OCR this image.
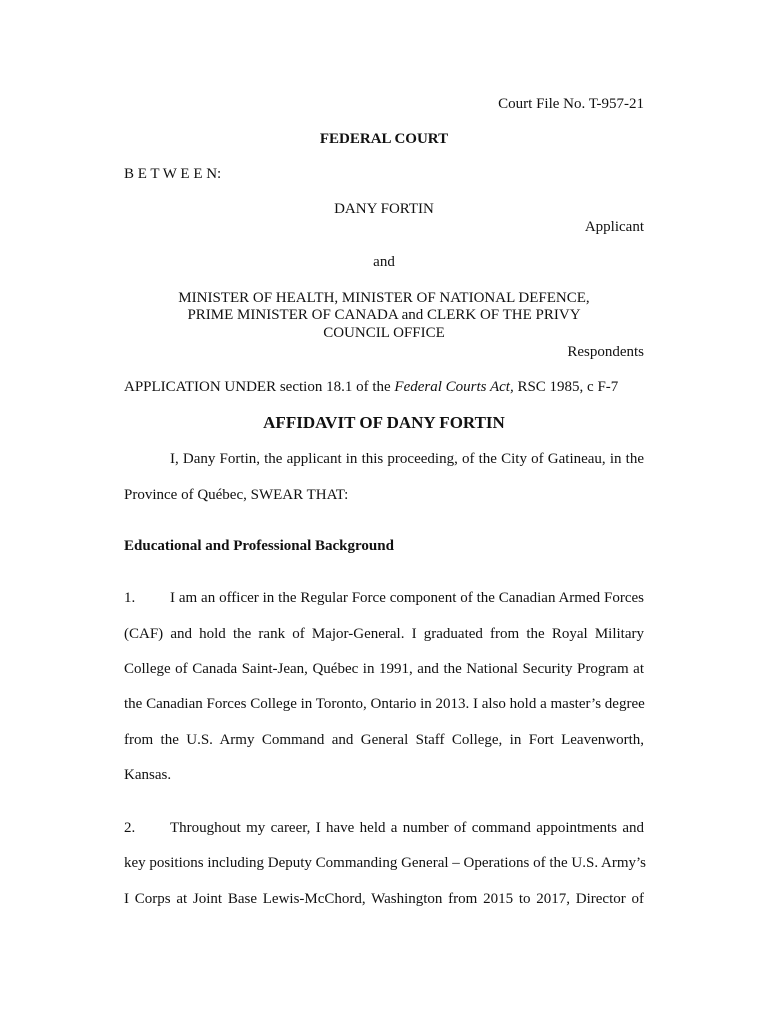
Court File No. T-957-21
FEDERAL COURT
B E T W E E N:
DANY FORTIN
Applicant
and
MINISTER OF HEALTH, MINISTER OF NATIONAL DEFENCE,
PRIME MINISTER OF CANADA and CLERK OF THE PRIVY
COUNCIL OFFICE
Respondents
APPLICATION UNDER section 18.1 of the Federal Courts Act, RSC 1985, c F-7
AFFIDAVIT OF DANY FORTIN
I, Dany Fortin, the applicant in this proceeding, of the City of Gatineau, in the
Province of Québec, SWEAR THAT:
Educational and Professional Background
1. I am an officer in the Regular Force component of the Canadian Armed Forces
(CAF) and hold the rank of Major-General. I graduated from the Royal Military
College of Canada Saint-Jean, Québec in 1991, and the National Security Program at
the Canadian Forces College in Toronto, Ontario in 2013. I also hold a master’s degree
from the U.S. Army Command and General Staff College, in Fort Leavenworth,
Kansas.
2. Throughout my career, I have held a number of command appointments and
key positions including Deputy Commanding General – Operations of the U.S. Army’s
I Corps at Joint Base Lewis-McChord, Washington from 2015 to 2017, Director of
